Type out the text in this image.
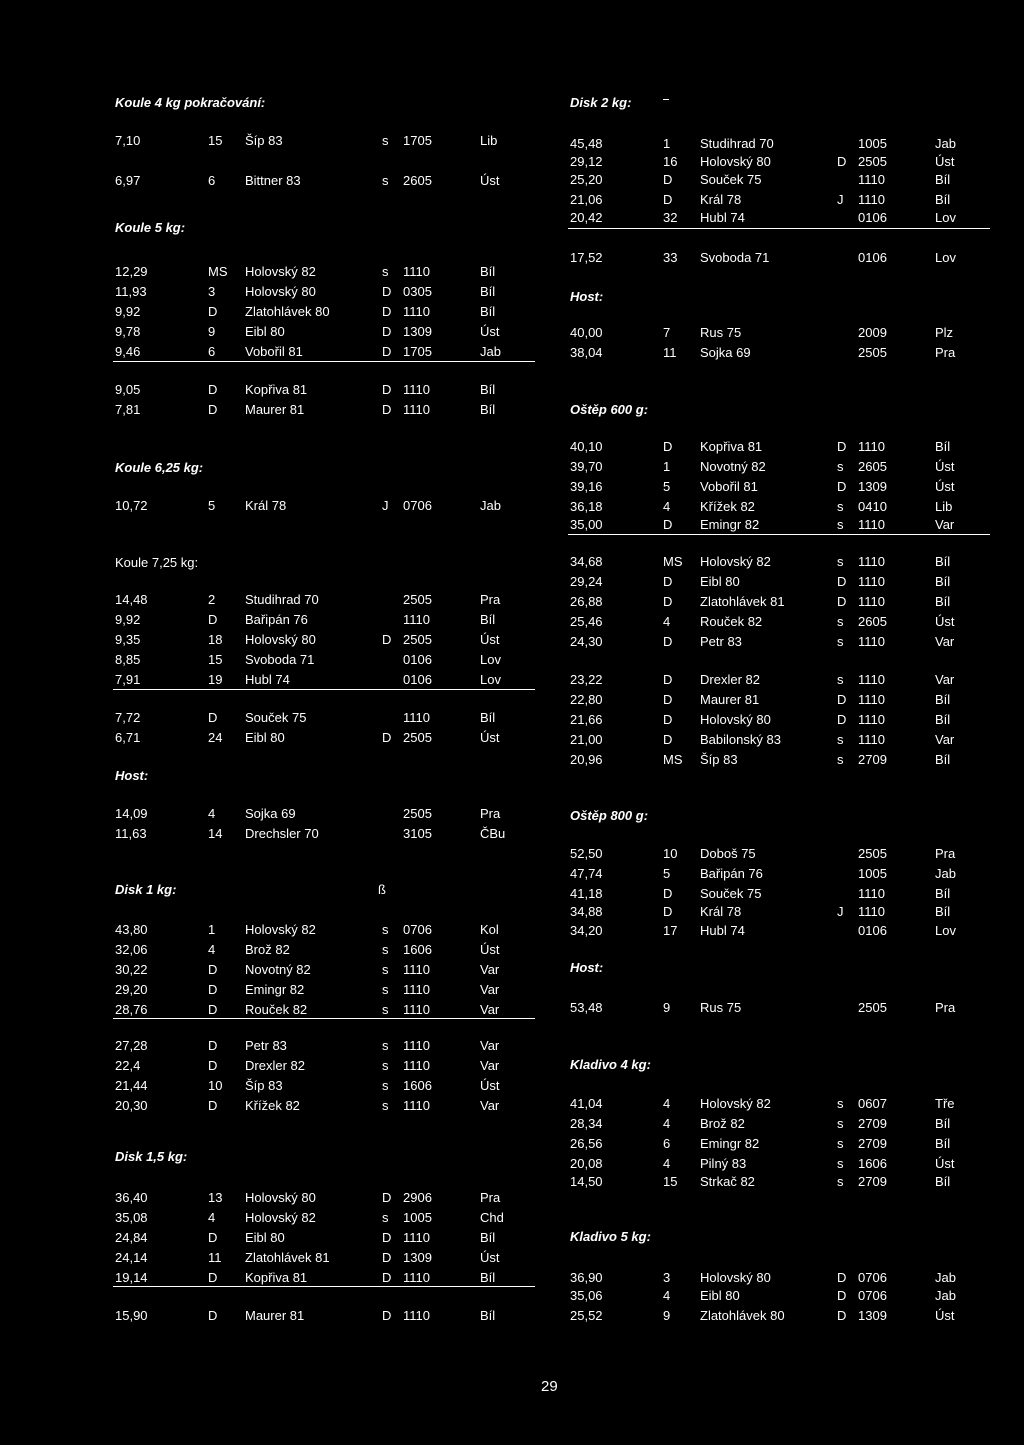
Koule 4 kg pokračování:
7,10	15 Šíp 83	s 1705	Lib
6,97	6 Bittner 83	s 2605	Úst
Koule 5 kg:
12,29	MS Holovský 82	s 1110	Bíl
11,93	3 Holovský 80	D 0305	Bíl
9,92	D Zlatohlávek 80	D 1110	Bíl
9,78	9 Eibl 80	D 1309	Úst
9,46	6 Vobořil 81	D 1705	Jab
9,05	D Kopřiva 81	D 1110	Bíl
7,81	D Maurer 81	D 1110	Bíl
Koule 6,25 kg:
10,72	5 Král 78	J 0706	Jab
Koule 7,25 kg:
14,48	2 Studihrad 70	2505	Pra
9,92	D Bařipán 76	1110	Bíl
9,35	18 Holovský 80	D 2505	Úst
8,85	15 Svoboda 71	0106	Lov
7,91	19 Hubl 74	0106	Lov
7,72	D Souček 75	1110	Bíl
6,71	24 Eibl 80	D 2505	Úst
Host:
14,09	4 Sojka 69	2505	Pra
11,63	14 Drechsler 70	3105	ČBu
Disk 1 kg:
43,80	1 Holovský 82	s 0706	Kol
32,06	4 Brož 82	s 1606	Úst
30,22	D Novotný 82	s 1110	Var
29,20	D Emingr 82	s 1110	Var
28,76	D Rouček 82	s 1110	Var
27,28	D Petr 83	s 1110	Var
22,4	D Drexler 82	s 1110	Var
21,44	10 Šíp 83	s 1606	Úst
20,30	D Křížek 82	s 1110	Var
Disk 1,5 kg:
36,40	13 Holovský 80	D 2906	Pra
35,08	4 Holovský 82	s 1005	Chd
24,84	D Eibl 80	D 1110	Bíl
24,14	11 Zlatohlávek 81	D 1309	Úst
19,14	D Kopřiva 81	D 1110	Bíl
15,90	D Maurer 81	D 1110	Bíl
Disk 2 kg:
45,48	1 Studihrad 70	1005	Jab
29,12	16 Holovský 80	D 2505	Úst
25,20	D Souček 75	1110	Bíl
21,06	D Král 78	J 1110	Bíl
20,42	32 Hubl 74	0106	Lov
17,52	33 Svoboda 71	0106	Lov
Host:
40,00	7 Rus 75	2009	Plz
38,04	11 Sojka 69	2505	Pra
Oštěp 600 g:
40,10	D Kopřiva 81	D 1110	Bíl
39,70	1 Novotný 82	s 2605	Úst
39,16	5 Vobořil 81	D 1309	Úst
36,18	4 Křížek 82	s 0410	Lib
35,00	D Emingr 82	s 1110	Var
34,68	MS Holovský 82	s 1110	Bíl
29,24	D Eibl 80	D 1110	Bíl
26,88	D Zlatohlávek 81	D 1110	Bíl
25,46	4 Rouček 82	s 2605	Úst
24,30	D Petr 83	s 1110	Var
23,22	D Drexler 82	s 1110	Var
22,80	D Maurer 81	D 1110	Bíl
21,66	D Holovský 80	D 1110	Bíl
21,00	D Babilonský 83	s 1110	Var
20,96	MS Šíp 83	s 2709	Bíl
Oštěp 800 g:
52,50	10 Doboš 75	2505	Pra
47,74	5 Bařipán 76	1005	Jab
41,18	D Souček 75	1110	Bíl
34,88	D Král 78	J 1110	Bíl
34,20	17 Hubl 74	0106	Lov
Host:
53,48	9 Rus 75	2505	Pra
Kladivo 4 kg:
41,04	4 Holovský 82	s 0607	Tře
28,34	4 Brož 82	s 2709	Bíl
26,56	6 Emingr 82	s 2709	Bíl
20,08	4 Pilný 83	s 1606	Úst
14,50	15 Strkač 82	s 2709	Bíl
Kladivo 5 kg:
36,90	3 Holovský 80	D 0706	Jab
35,06	4 Eibl 80	D 0706	Jab
25,52	9 Zlatohlávek 80	D 1309	Úst
ß
29
